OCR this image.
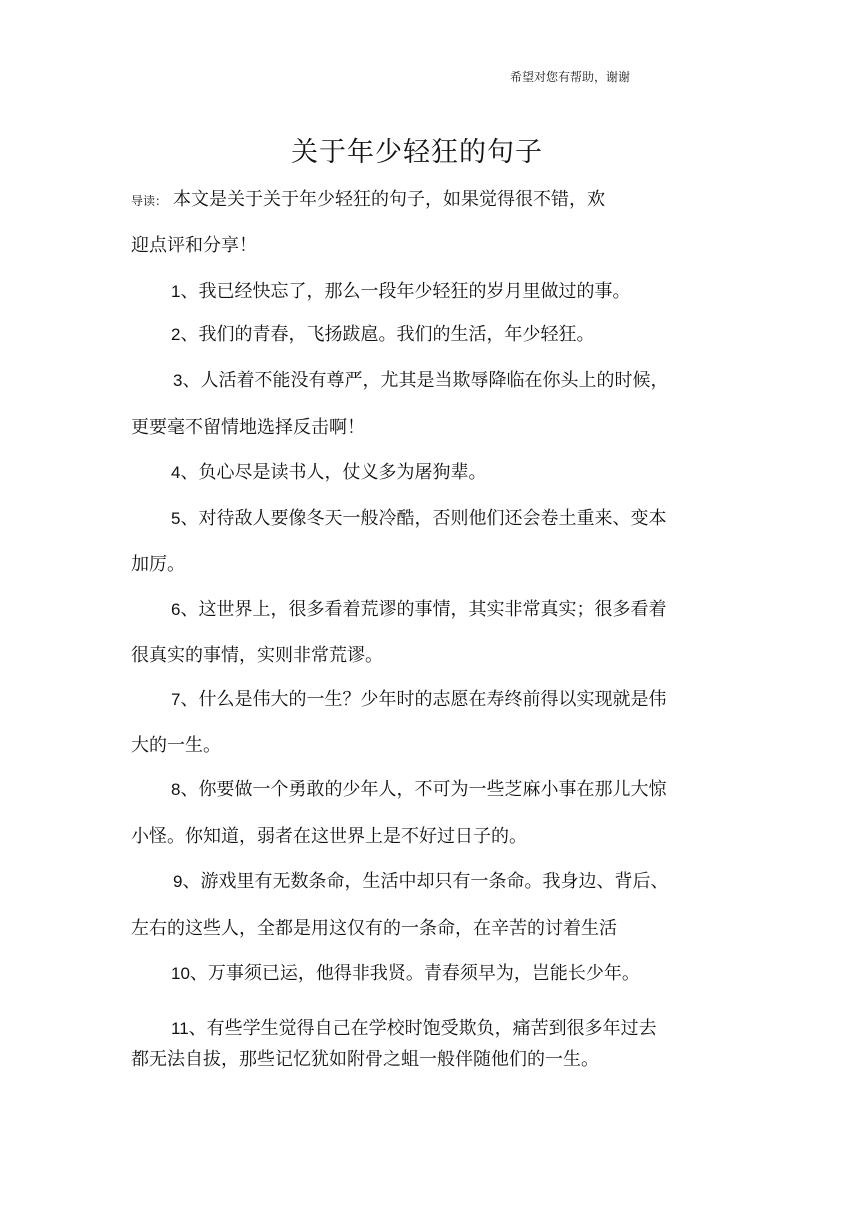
希望对您有帮助，谢谢
关于年少轻狂的句子
导读： 本文是关于关于年少轻狂的句子，如果觉得很不错，欢
迎点评和分享！
1、我已经快忘了，那么一段年少轻狂的岁月里做过的事。
2、我们的青春，飞扬跋扈。我们的生活，年少轻狂。
3、人活着不能没有尊严，尤其是当欺辱降临在你头上的时候，
更要毫不留情地选择反击啊！
4、负心尽是读书人，仗义多为屠狗辈。
5、对待敌人要像冬天一般冷酷，否则他们还会卷土重来、变本
加厉。
6、这世界上，很多看着荒谬的事情，其实非常真实；很多看着
很真实的事情，实则非常荒谬。
7、什么是伟大的一生？少年时的志愿在寿终前得以实现就是伟
大的一生。
8、你要做一个勇敢的少年人，不可为一些芝麻小事在那儿大惊
小怪。你知道，弱者在这世界上是不好过日子的。
9、游戏里有无数条命，生活中却只有一条命。我身边、背后、
左右的这些人，全都是用这仅有的一条命，在辛苦的讨着生活
10、万事须已运，他得非我贤。青春须早为，岂能长少年。
11、有些学生觉得自己在学校时饱受欺负，痛苦到很多年过去
都无法自拔，那些记忆犹如附骨之蛆一般伴随他们的一生。
